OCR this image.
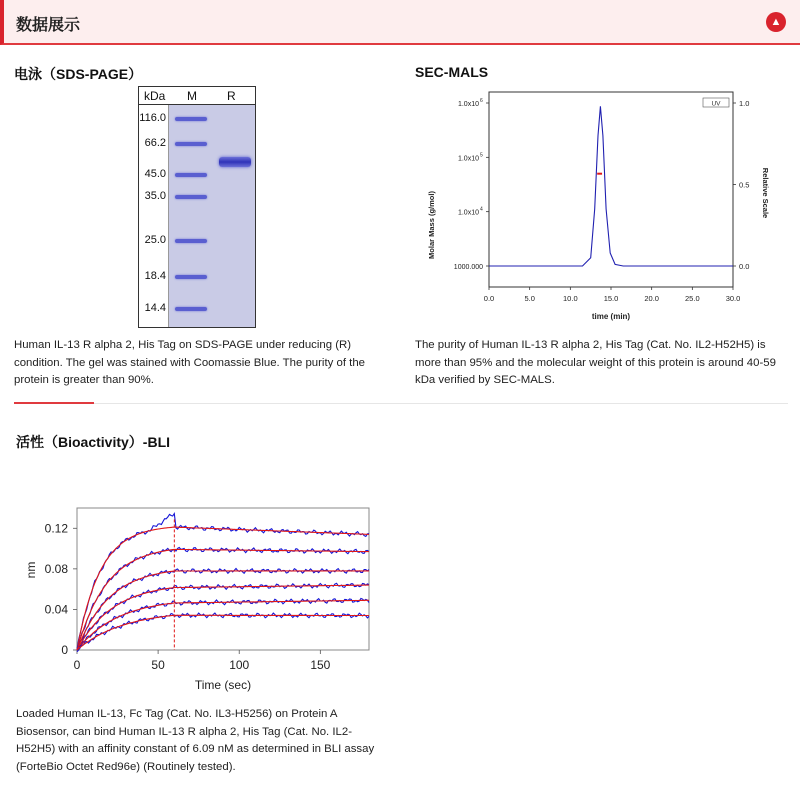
数据展示	▲
电泳（SDS-PAGE）
kDa M	R
116.0
66.2
45.0
35.0
25.0
18.4
14.4
Human IL-13 R alpha 2, His Tag on SDS-PAGE under reducing (R) condition. The gel was stained with Coomassie Blue. The purity of the protein is greater than 90%.
SEC-MALS
0.0	5.0	10.0	15.0	20.0	25.0	30.0
1000.000
1.0x10
4
1.0x10 5
1.0x10 6
0.0
0.5
1.0
UV
time (min)
Molar Mass (g/mol)	Relative Scale
The purity of Human IL-13 R alpha 2, His Tag (Cat. No. IL2-H52H5) is more than 95% and the molecular weight of this protein is around 40-59 kDa verified by SEC-MALS.
活性（Bioactivity）-BLI
0	50	100	150
0
0.04
0.08
0.12
Time (sec)
nm
Loaded Human IL-13, Fc Tag (Cat. No. IL3-H5256) on Protein A Biosensor, can bind Human IL-13 R alpha 2, His Tag (Cat. No. IL2-H52H5) with an affinity constant of 6.09 nM as determined in BLI assay (ForteBio Octet Red96e) (Routinely tested).
